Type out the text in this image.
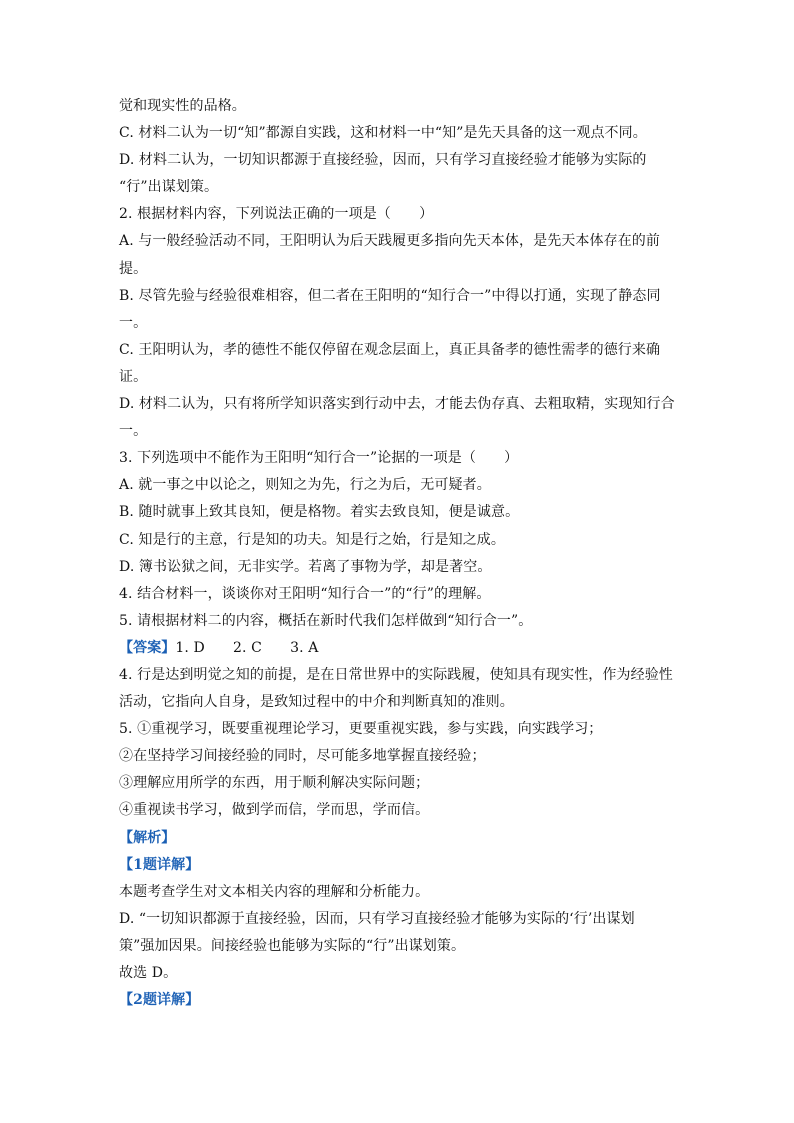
觉和现实性的品格。
C. 材料二认为一切“知”都源自实践，这和材料一中“知”是先天具备的这一观点不同。
D. 材料二认为，一切知识都源于直接经验，因而，只有学习直接经验才能够为实际的
“行”出谋划策。
2. 根据材料内容，下列说法正确的一项是（　　）
A. 与一般经验活动不同，王阳明认为后天践履更多指向先天本体，是先天本体存在的前
提。
B. 尽管先验与经验很难相容，但二者在王阳明的“知行合一”中得以打通，实现了静态同
一。
C. 王阳明认为，孝的德性不能仅停留在观念层面上，真正具备孝的德性需孝的德行来确
证。
D. 材料二认为，只有将所学知识落实到行动中去，才能去伪存真、去粗取精，实现知行合
一。
3. 下列选项中不能作为王阳明“知行合一”论据的一项是（　　）
A. 就一事之中以论之，则知之为先，行之为后，无可疑者。
B. 随时就事上致其良知，便是格物。着实去致良知，便是诚意。
C. 知是行的主意，行是知的功夫。知是行之始，行是知之成。
D. 簿书讼狱之间，无非实学。若离了事物为学，却是著空。
4. 结合材料一，谈谈你对王阳明“知行合一”的“行”的理解。
5. 请根据材料二的内容，概括在新时代我们怎样做到“知行合一”。
【答案】1. D　　2. C　　3. A
4. 行是达到明觉之知的前提，是在日常世界中的实际践履，使知具有现实性，作为经验性
活动，它指向人自身，是致知过程中的中介和判断真知的准则。
5. ①重视学习，既要重视理论学习，更要重视实践，参与实践，向实践学习；
②在坚持学习间接经验的同时，尽可能多地掌握直接经验；
③理解应用所学的东西，用于顺利解决实际问题；
④重视读书学习，做到学而信，学而思，学而信。
【解析】
【1题详解】
本题考查学生对文本相关内容的理解和分析能力。
D. “一切知识都源于直接经验，因而，只有学习直接经验才能够为实际的‘行’出谋划
策”强加因果。间接经验也能够为实际的“行”出谋划策。
故选 D。
【2题详解】
